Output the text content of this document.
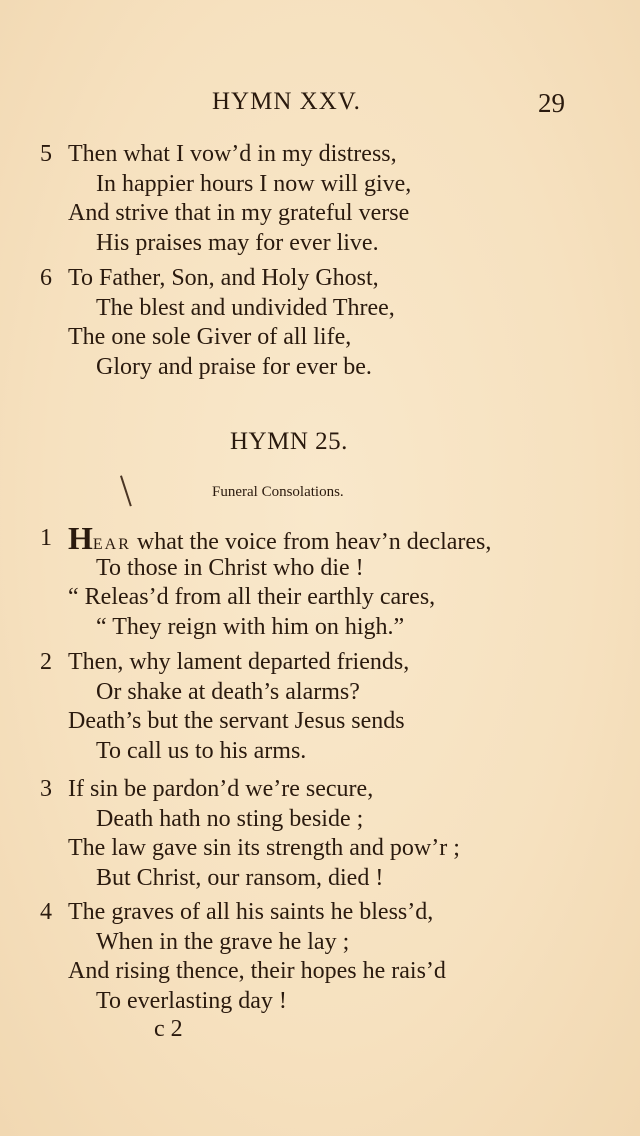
HYMN XXV.	29
5 Then what I vow’d in my distress,
In happier hours I now will give,
And strive that in my grateful verse
His praises may for ever live.
6 To Father, Son, and Holy Ghost,
The blest and undivided Three,
The one sole Giver of all life,
Glory and praise for ever be.
HYMN 25.
Funeral Consolations.
1 HEAR what the voice from heav’n declares,
To those in Christ who die !
“ Releas’d from all their earthly cares,
“ They reign with him on high.”
2 Then, why lament departed friends,
Or shake at death’s alarms?
Death’s but the servant Jesus sends
To call us to his arms.
3 If sin be pardon’d we’re secure,
Death hath no sting beside ;
The law gave sin its strength and pow’r ;
But Christ, our ransom, died !
4 The graves of all his saints he bless’d,
When in the grave he lay ;
And rising thence, their hopes he rais’d
To everlasting day !
c 2
